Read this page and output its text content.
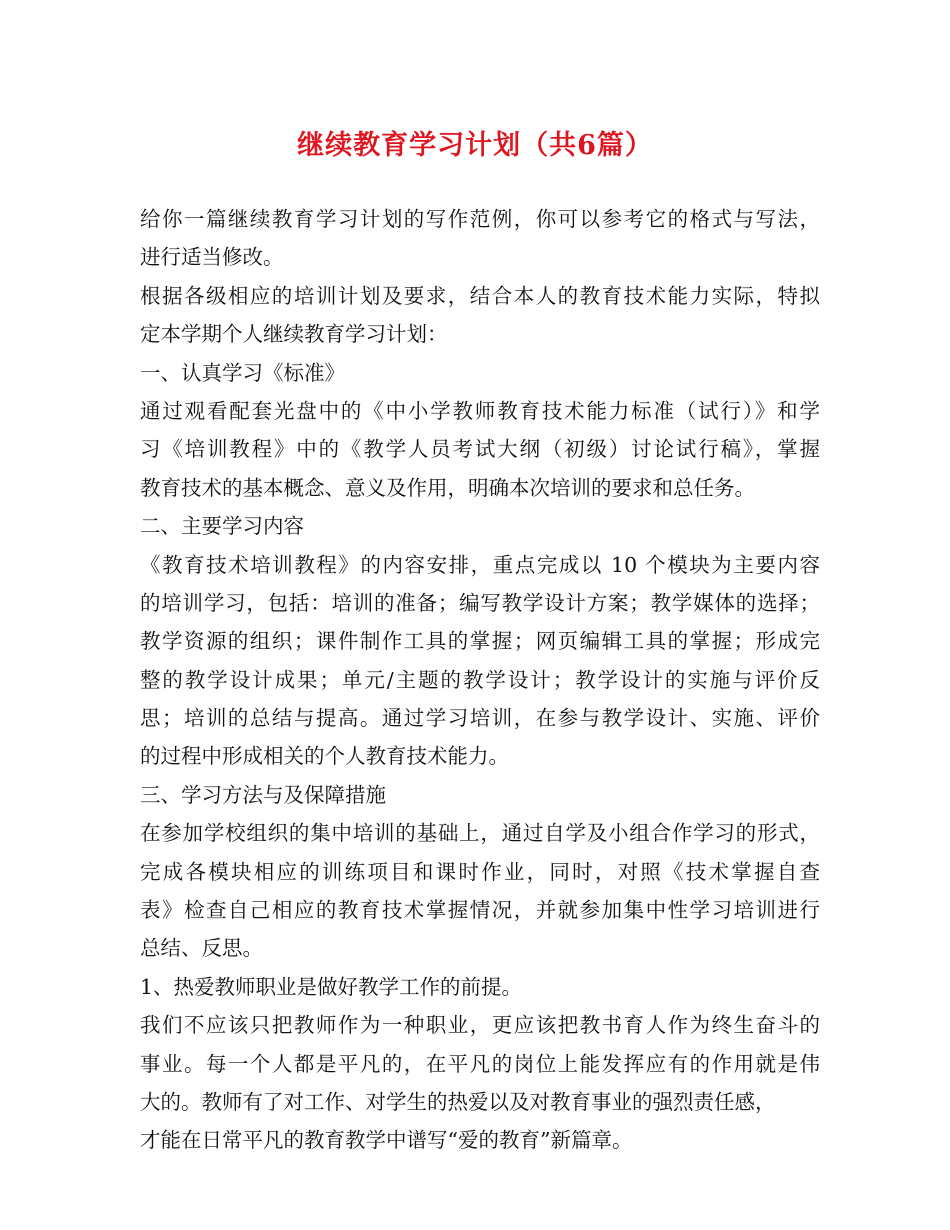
继续教育学习计划（共6篇）
给你一篇继续教育学习计划的写作范例，你可以参考它的格式与写法，
进行适当修改。
根据各级相应的培训计划及要求，结合本人的教育技术能力实际，特拟
定本学期个人继续教育学习计划：
一、认真学习《标准》
通过观看配套光盘中的《中小学教师教育技术能力标准（试行）》和学
习《培训教程》中的《教学人员考试大纲（初级）讨论试行稿》，掌握
教育技术的基本概念、意义及作用，明确本次培训的要求和总任务。
二、主要学习内容
《教育技术培训教程》的内容安排，重点完成以 10 个模块为主要内容
的培训学习，包括：培训的准备；编写教学设计方案；教学媒体的选择；
教学资源的组织；课件制作工具的掌握；网页编辑工具的掌握；形成完
整的教学设计成果；单元/主题的教学设计；教学设计的实施与评价反
思；培训的总结与提高。通过学习培训，在参与教学设计、实施、评价
的过程中形成相关的个人教育技术能力。
三、学习方法与及保障措施
在参加学校组织的集中培训的基础上，通过自学及小组合作学习的形式，
完成各模块相应的训练项目和课时作业，同时，对照《技术掌握自查
表》检查自己相应的教育技术掌握情况，并就参加集中性学习培训进行
总结、反思。
1、热爱教师职业是做好教学工作的前提。
我们不应该只把教师作为一种职业，更应该把教书育人作为终生奋斗的
事业。每一个人都是平凡的，在平凡的岗位上能发挥应有的作用就是伟
大的。教师有了对工作、对学生的热爱以及对教育事业的强烈责任感，
才能在日常平凡的教育教学中谱写“爱的教育”新篇章。
